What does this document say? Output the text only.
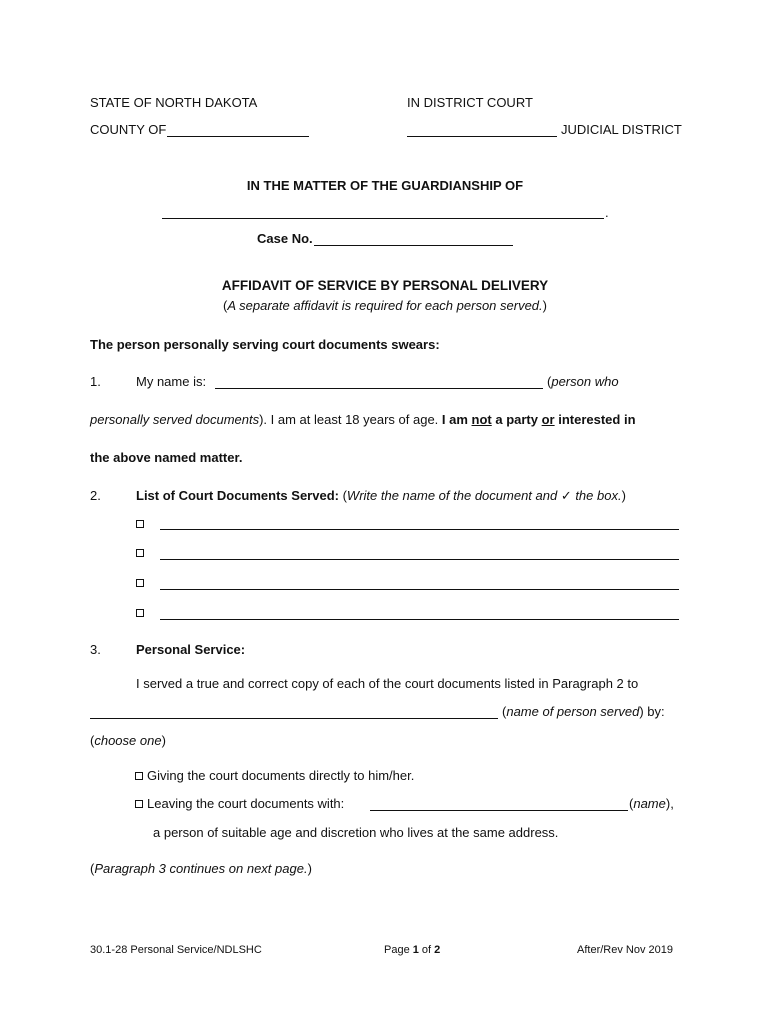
STATE OF NORTH DAKOTA	IN DISTRICT COURT
COUNTY OF	JUDICIAL DISTRICT
IN THE MATTER OF THE GUARDIANSHIP OF
.
Case No.
AFFIDAVIT OF SERVICE BY PERSONAL DELIVERY
(A separate affidavit is required for each person served.)
The person personally serving court documents swears:
1.	My name is:	(person who
personally served documents). I am at least 18 years of age. I am not a party or interested in
the above named matter.
2.	List of Court Documents Served: (Write the name of the document and ✓ the box.)
3.	Personal Service:
I served a true and correct copy of each of the court documents listed in Paragraph 2 to
(name of person served) by:
(choose one)
Giving the court documents directly to him/her.
Leaving the court documents with:	(name),
a person of suitable age and discretion who lives at the same address.
(Paragraph 3 continues on next page.)
30.1-28 Personal Service/NDLSHC	Page 1 of 2	After/Rev Nov 2019
